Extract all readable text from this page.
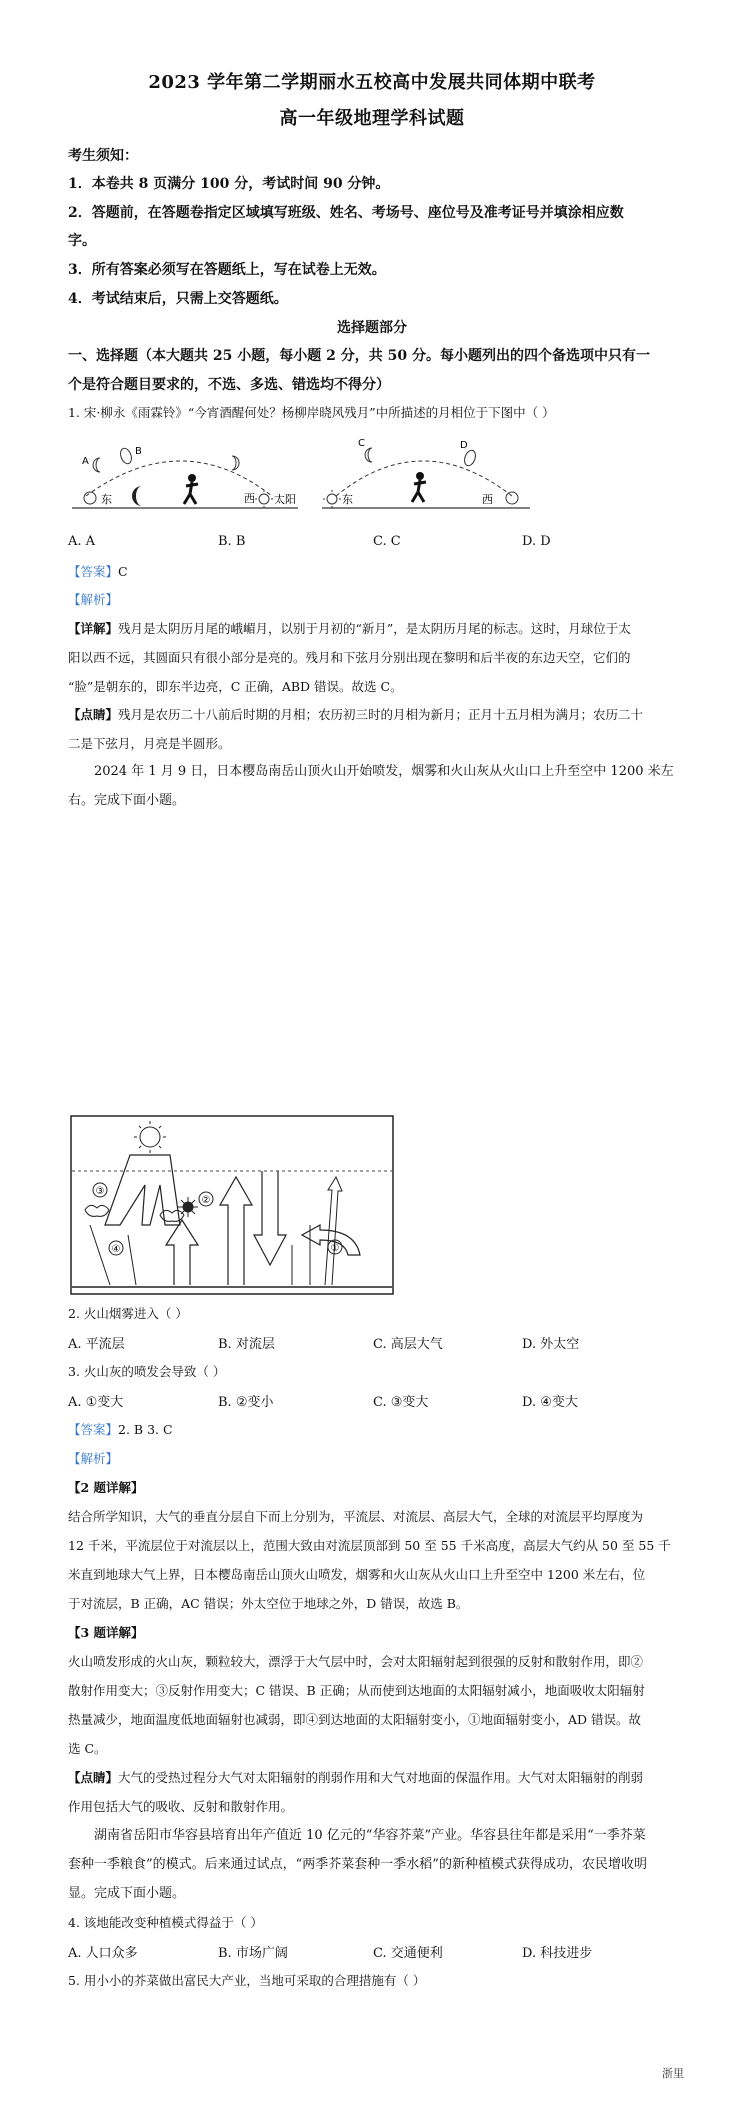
2023 学年第二学期丽水五校高中发展共同体期中联考
高一年级地理学科试题
考生须知：
1．本卷共 8 页满分 100 分，考试时间 90 分钟。
2．答题前，在答题卷指定区域填写班级、姓名、考场号、座位号及准考证号并填涂相应数
字。
3．所有答案必须写在答题纸上，写在试卷上无效。
4．考试结束后，只需上交答题纸。
选择题部分
一、选择题（本大题共 25 小题，每小题 2 分，共 50 分。每小题列出的四个备选项中只有一
个是符合题目要求的，不选、多选、错选均不得分）
1. 宋·柳永《雨霖铃》“今宵酒醒何处？杨柳岸晓风残月”中所描述的月相位于下图中（ ）
东
A
B
西 太阳	东
C	D
西
A. A	B. B	C. C	D. D
【答案】C
【解析】
【详解】残月是太阴历月尾的峨嵋月，以别于月初的“新月”，是太阴历月尾的标志。这时，月球位于太
阳以西不远，其圆面只有很小部分是亮的。残月和下弦月分别出现在黎明和后半夜的东边天空，它们的
“脸”是朝东的，即东半边亮，C 正确，ABD 错误。故选 C。
【点睛】残月是农历二十八前后时期的月相；农历初三时的月相为新月；正月十五月相为满月；农历二十
二是下弦月，月亮是半圆形。
2024 年 1 月 9 日，日本樱岛南岳山顶火山开始喷发，烟雾和火山灰从火山口上升至空中 1200 米左
右。完成下面小题。
③
②
④	①
2. 火山烟雾进入（ ）
A. 平流层	B. 对流层	C. 高层大气	D. 外太空
3. 火山灰的喷发会导致（ ）
A. ①变大	B. ②变小	C. ③变大	D. ④变大
【答案】2. B 3. C
【解析】
【2 题详解】
结合所学知识，大气的垂直分层自下而上分别为，平流层、对流层、高层大气，全球的对流层平均厚度为
12 千米，平流层位于对流层以上，范围大致由对流层顶部到 50 至 55 千米高度，高层大气约从 50 至 55 千
米直到地球大气上界，日本樱岛南岳山顶火山喷发，烟雾和火山灰从火山口上升至空中 1200 米左右，位
于对流层，B 正确，AC 错误；外太空位于地球之外，D 错误，故选 B。
【3 题详解】
火山喷发形成的火山灰，颗粒较大，漂浮于大气层中时，会对太阳辐射起到很强的反射和散射作用，即②
散射作用变大；③反射作用变大；C 错误、B 正确；从而使到达地面的太阳辐射减小，地面吸收太阳辐射
热量减少，地面温度低地面辐射也减弱，即④到达地面的太阳辐射变小，①地面辐射变小，AD 错误。故
选 C。
【点睛】大气的受热过程分大气对太阳辐射的削弱作用和大气对地面的保温作用。大气对太阳辐射的削弱
作用包括大气的吸收、反射和散射作用。
湖南省岳阳市华容县培育出年产值近 10 亿元的“华容芥菜”产业。华容县往年都是采用“一季芥菜
套种一季粮食”的模式。后来通过试点，“两季芥菜套种一季水稻”的新种植模式获得成功，农民增收明
显。完成下面小题。
4. 该地能改变种植模式得益于（ ）
A. 人口众多	B. 市场广阔	C. 交通便利	D. 科技进步
5. 用小小的芥菜做出富民大产业，当地可采取的合理措施有（ ）
浙里
